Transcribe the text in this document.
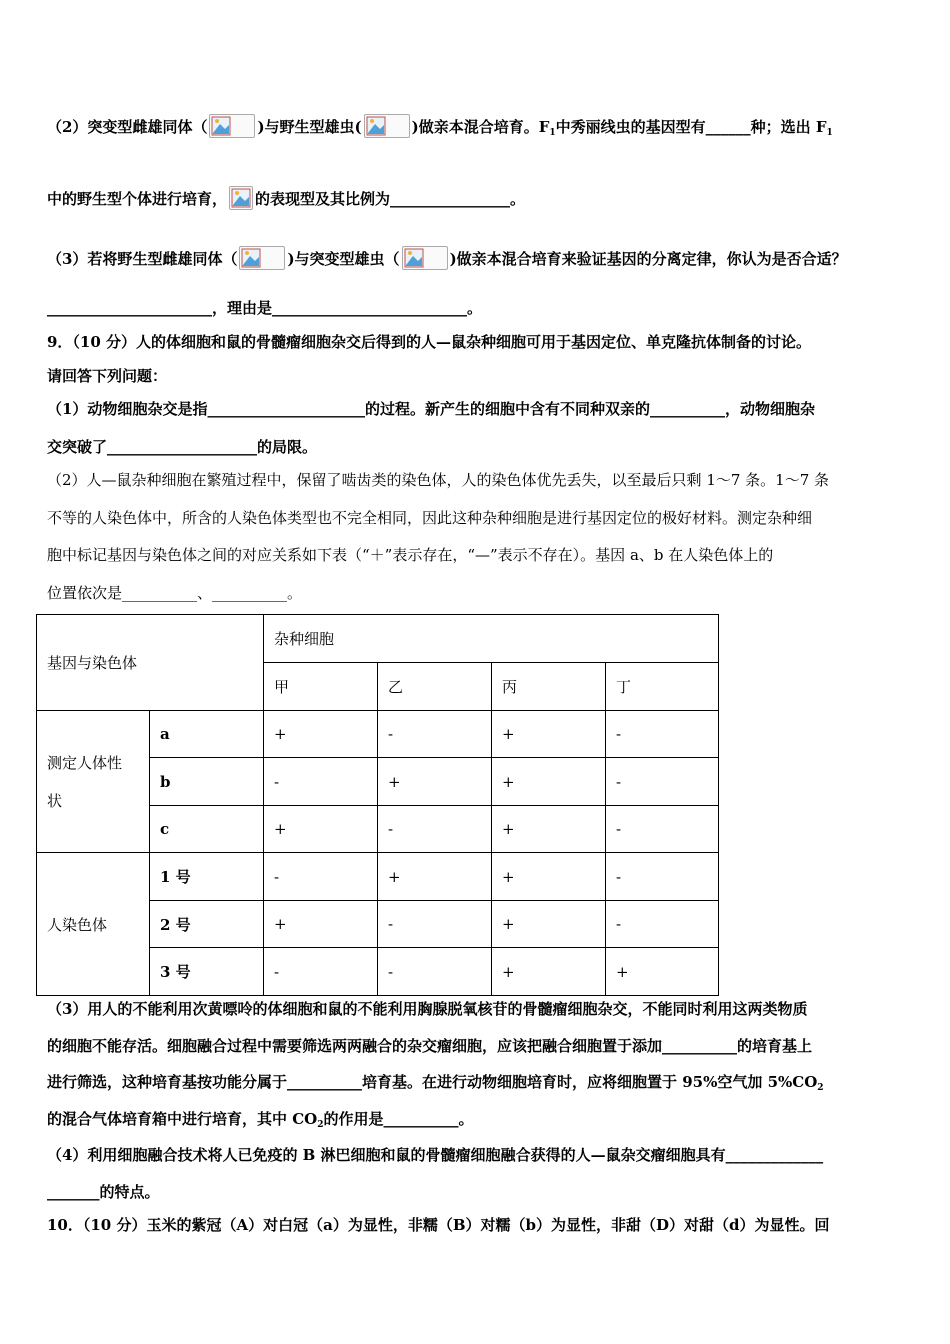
（2）突变型雌雄同体（	)与野生型雄虫(	)做亲本混合培育。$F_1$中秀丽线虫的基因型有______种；选出 $F_1$
中的野生型个体进行培育， 的表现型及其比例为________________。
（3）若将野生型雌雄同体（	)与突变型雄虫（	)做亲本混合培育来验证基因的分离定律，你认为是否合适？
______________________，理由是__________________________。
9．（10 分）人的体细胞和鼠的骨髓瘤细胞杂交后得到的人—鼠杂种细胞可用于基因定位、单克隆抗体制备的讨论。
请回答下列问题：
（1）动物细胞杂交是指_____________________的过程。新产生的细胞中含有不同种双亲的__________，动物细胞杂
交突破了____________________的局限。
（2）人—鼠杂种细胞在繁殖过程中，保留了啮齿类的染色体，人的染色体优先丢失，以至最后只剩 1～7 条。1～7 条
不等的人染色体中，所含的人染色体类型也不完全相同，因此这种杂种细胞是进行基因定位的极好材料。测定杂种细
胞中标记基因与染色体之间的对应关系如下表（“＋”表示存在，“—”表示不存在）。基因 a、b 在人染色体上的
位置依次是__________、__________。
基因与染色体		杂种细胞			
		甲	乙	丙	丁
测定人体性状	a	+	-	+	-
	b	-	+	+	-
	c	+	-	+	-
人染色体	1 号	-	+	+	-
	2 号	+	-	+	-
	3 号	-	-	+	+
（3）用人的不能利用次黄嘌呤的体细胞和鼠的不能利用胸腺脱氧核苷的骨髓瘤细胞杂交，不能同时利用这两类物质
的细胞不能存活。细胞融合过程中需要筛选两两融合的杂交瘤细胞，应该把融合细胞置于添加__________的培育基上
进行筛选，这种培育基按功能分属于__________培育基。在进行动物细胞培育时，应将细胞置于 95%空气加 $5\%CO_2$
的混合气体培育箱中进行培育，其中 $CO_2$的作用是__________。
（4）利用细胞融合技术将人已免疫的 B 淋巴细胞和鼠的骨髓瘤细胞融合获得的人—鼠杂交瘤细胞具有_____________
_______的特点。
10．（10 分）玉米的紫冠（A）对白冠（a）为显性，非糯（B）对糯（b）为显性，非甜（D）对甜（d）为显性。回
